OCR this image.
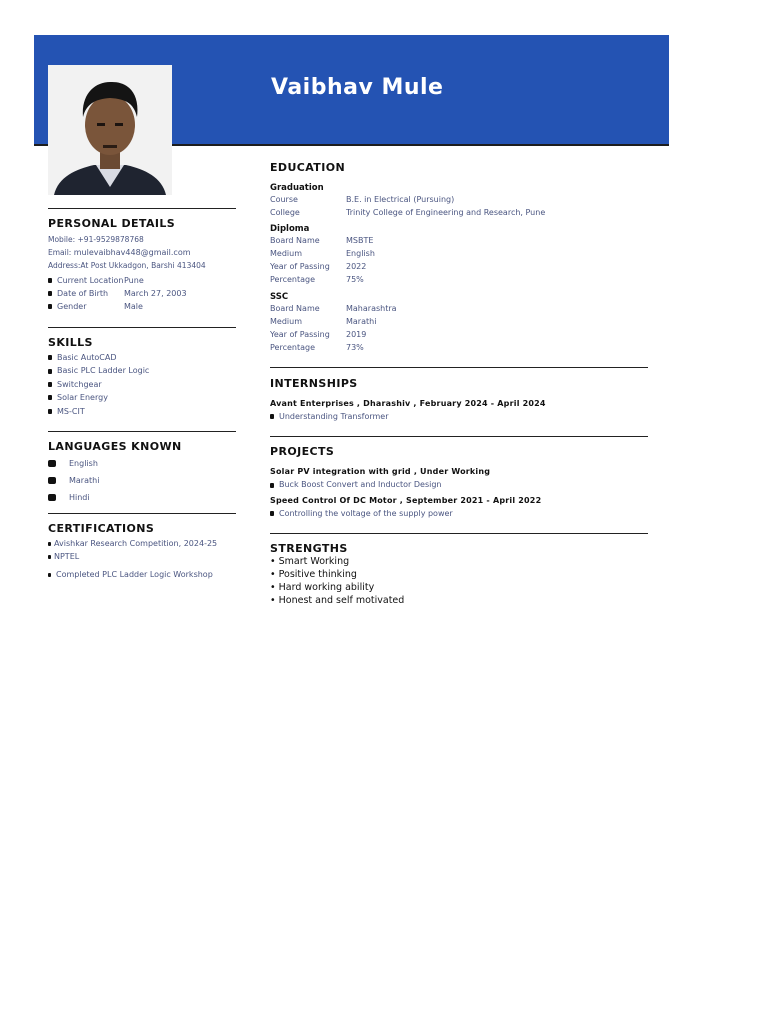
Vaibhav Mule
PERSONAL DETAILS
Mobile: +91-9529878768
Email: mulevaibhav448@gmail.com
Address:At Post Ukkadgon, Barshi 413404
Current Location Pune
Date of Birth March 27, 2003
Gender	Male
SKILLS
Basic AutoCAD
Basic PLC Ladder Logic
Switchgear
Solar Energy
MS-CIT
LANGUAGES KNOWN
English
Marathi
Hindi
CERTIFICATIONS
Avishkar Research Competition, 2024-25
NPTEL
Completed PLC Ladder Logic Workshop
EDUCATION
Graduation
Course	B.E. in Electrical (Pursuing)
College	Trinity College of Engineering and Research, Pune
Diploma
Board Name	MSBTE
Medium	English
Year of Passing	2022
Percentage	75%
SSC
Board Name	Maharashtra
Medium	Marathi
Year of Passing	2019
Percentage	73%
INTERNSHIPS
Avant Enterprises , Dharashiv , February 2024 - April 2024
Understanding Transformer
PROJECTS
Solar PV integration with grid , Under Working
Buck Boost Convert and Inductor Design
Speed Control Of DC Motor , September 2021 - April 2022
Controlling the voltage of the supply power
STRENGTHS
• Smart Working
• Positive thinking
• Hard working ability
• Honest and self motivated
